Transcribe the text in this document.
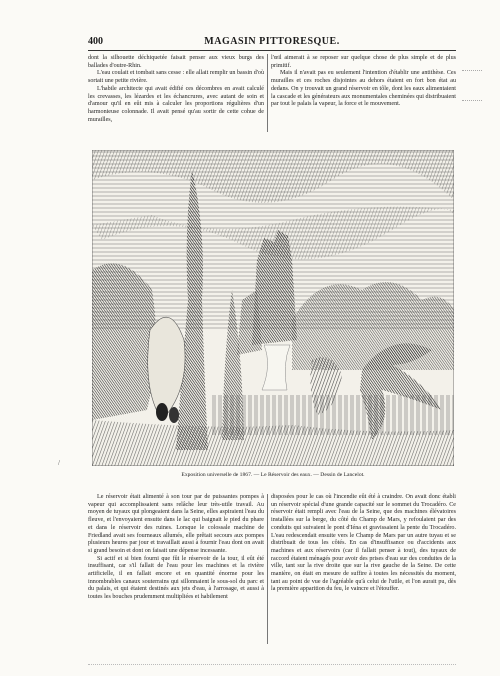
400	MAGASIN PITTORESQUE.

dont la silhouette déchiquetée faisait penser aux vieux burgs des ballades d'outre-Rhin.

L'eau coulait et tombait sans cesse : elle allait remplir un bassin d'où sortait une petite rivière.

L'habile architecte qui avait édifié ces décombres en avait calculé les crevasses, les lézardes et les échancrures, avec autant de soin et d'amour qu'il en eût mis à calculer les proportions régulières d'un harmonieuse colonnade. Il avait pensé qu'au sortir de cette cohue de murailles,

l'œil aimerait à se reposer sur quelque chose de plus simple et de plus primitif.

Mais il n'avait pas eu seulement l'intention d'établir une antithèse. Ces murailles et ces roches disjointes au dehors étaient en fort bon état au dedans. On y trouvait un grand réservoir en tôle, dont les eaux alimentaient la cascade et les générateurs aux monumentales cheminées qui distribuaient par tout le palais la vapeur, la force et le mouvement.

/
Exposition universelle de 1867. — Le Réservoir des eaux. — Dessin de Lancelot.

Le réservoir était alimenté à son tour par de puissantes pompes à vapeur qui accomplissaient sans relâche leur très-utile travail. Au moyen de tuyaux qui plongeaient dans la Seine, elles aspiraient l'eau du fleuve, et l'envoyaient ensuite dans le lac qui baignait le pied du phare et dans le réservoir des ruines. Lorsque le colossale machine de Friedland avait ses fourneaux allumés, elle prêtait secours aux pompes plusieurs heures par jour et travaillait aussi à fournir l'eau dont on avait si grand besoin et dont on faisait une dépense incessante.

Si actif et si bien fourni que fût le réservoir de la tour, il eût été insuffisant, car s'il fallait de l'eau pour les machines et la rivière artificielle, il en fallait encore et en quantité énorme pour les innombrables canaux souterrains qui sillonnaient le sous-sol du parc et du palais, et qui étaient destinés aux jets d'eau, à l'arrosage, et aussi à toutes les bouches prudemment multipliées et habilement

disposées pour le cas où l'incendie eût été à craindre. On avait donc établi un réservoir spécial d'une grande capacité sur le sommet du Trocadéro. Ce réservoir était rempli avec l'eau de la Seine, que des machines élévatoires installées sur la berge, du côté du Champ de Mars, y refoulaient par des conduits qui suivaient le pont d'Iéna et gravissaient la pente du Trocadéro. L'eau redescendait ensuite vers le Champ de Mars par un autre tuyau et se distribuait de tous les côtés. En cas d'insuffisance ou d'accidents aux machines et aux réservoirs (car il fallait penser à tout), des tuyaux de raccord étaient ménagés pour avoir des prises d'eau sur des conduites de la ville, tant sur la rive droite que sur la rive gauche de la Seine. De cette manière, on était en mesure de suffire à toutes les nécessités du moment, tant au point de vue de l'agréable qu'à celui de l'utile, et l'on aurait pu, dès la première apparition du feu, le vaincre et l'étouffer.
